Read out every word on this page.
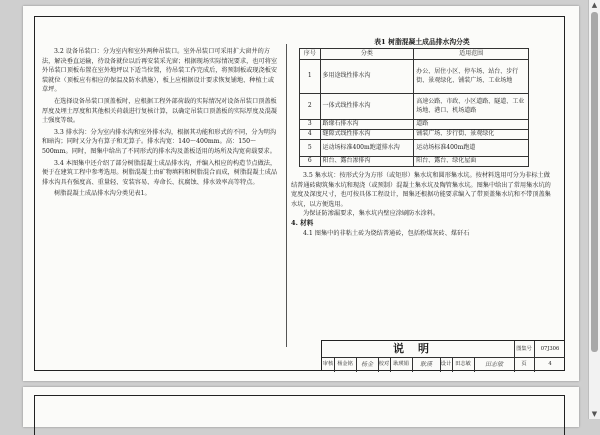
3.2 设备吊装口：分为室内和室外两种吊装口。室外吊装口可采用扩大窗井的方法，解决垂直运输，待设备就位以后再安装采光窗；根据现场实际情况要求，也可将室外吊装口顶板布置在室外地坪以下适当位置，待吊装工作完成后，将预制板或现浇板安装就位（顶板应有相应的保温及防水措施），板上应根据设计要求恢复铺地、种植土或草坪。

在选择设备吊装口顶盖板时，应根据工程外部荷载的实际情况对设备吊装口顶盖板厚度及埋土厚度和其他相关荷载进行复核计算，以确定吊装口顶盖板的实际厚度及混凝土强度等级。

3.3 排水沟：分为室内排水沟和室外排水沟，根据其功能和形式的不同，分为明沟和暗沟；同时又分为有算子和无算子。排水沟宽：140～400mm。高：150～500mm。同时，图集中给出了不同形式的排水沟及盖板适用的场所及沟宽荷载要求。

3.4 本图集中还介绍了部分树脂混凝土成品排水沟，并编入相应的构造节点做法，便于在建筑工程中参考选用。树脂混凝土由矿物填料和树脂混合而成，树脂混凝土成品排水沟具有强度高、重量轻、安装容易、寿命长、抗腐蚀、排水效率高等特点。

树脂混凝土成品排水沟分类见表1。

表1 树脂混凝土成品排水沟分类
序号	分类	适用范围
1	多用途线性排水沟	办公、居住小区、停车场、站台、步行街、景观绿化、铺装广场、工业场地
2	一体式线性排水沟	高速公路、市政、小区道路、隧道、工业场地、港口、机场道路
3	路缘石排水沟	道路
4	缝隙式线性排水沟	铺装广场、步行街、景观绿化
5	运动场标准400m跑道排水沟	运动场标准400m跑道
6	阳台、露台渗排沟	阳台、露台、绿化屋面

3.5 集水坑：按形式分为方形（或矩形）集水坑和圆形集水坑。按材料选用可分为非标土做结普通砖砌筑集水坑和现浇（或预制）混凝土集水坑及陶管集水坑。图集中给出了常用集水坑的宽度及深度尺寸，也可按具体工程设计，图集还根据功能要求编入了带顶盖集水坑和不带顶盖集水坑，以方便选用。

为保证防渗漏要求，集水坑内壁应涂刷防水涂料。

4. 材料

4.1 图集中的非粘土砖为烧结普通砖，包括粉煤灰砖、煤矸石

说明	图集号	07J306
审核 杨金铭	杨金	校对 耿瑛娟	耿瑛	设计 田志敏	田志敏	页	4
▲
▼
